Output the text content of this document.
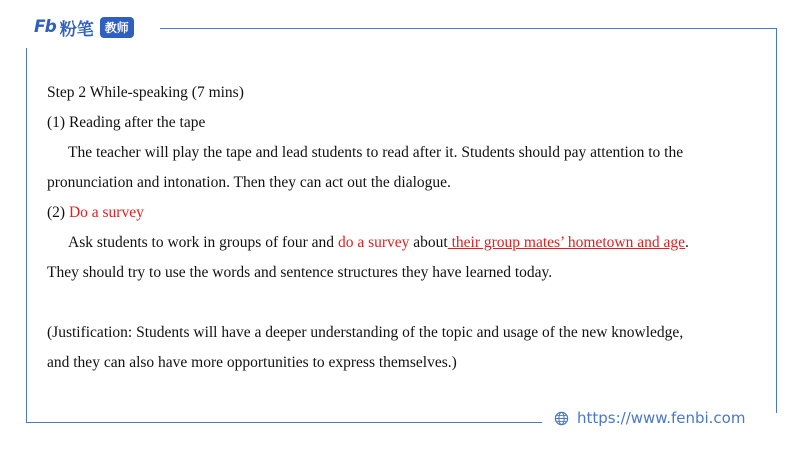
Fb 粉笔 教师

Step 2 While-speaking (7 mins)

(1) Reading after the tape

The teacher will play the tape and lead students to read after it. Students should pay attention to the

pronunciation and intonation. Then they can act out the dialogue.

(2) Do a survey

Ask students to work in groups of four and do a survey about their group mates’ hometown and age.

They should try to use the words and sentence structures they have learned today.

(Justification: Students will have a deeper understanding of the topic and usage of the new knowledge,

and they can also have more opportunities to express themselves.)

https://www.fenbi.com
